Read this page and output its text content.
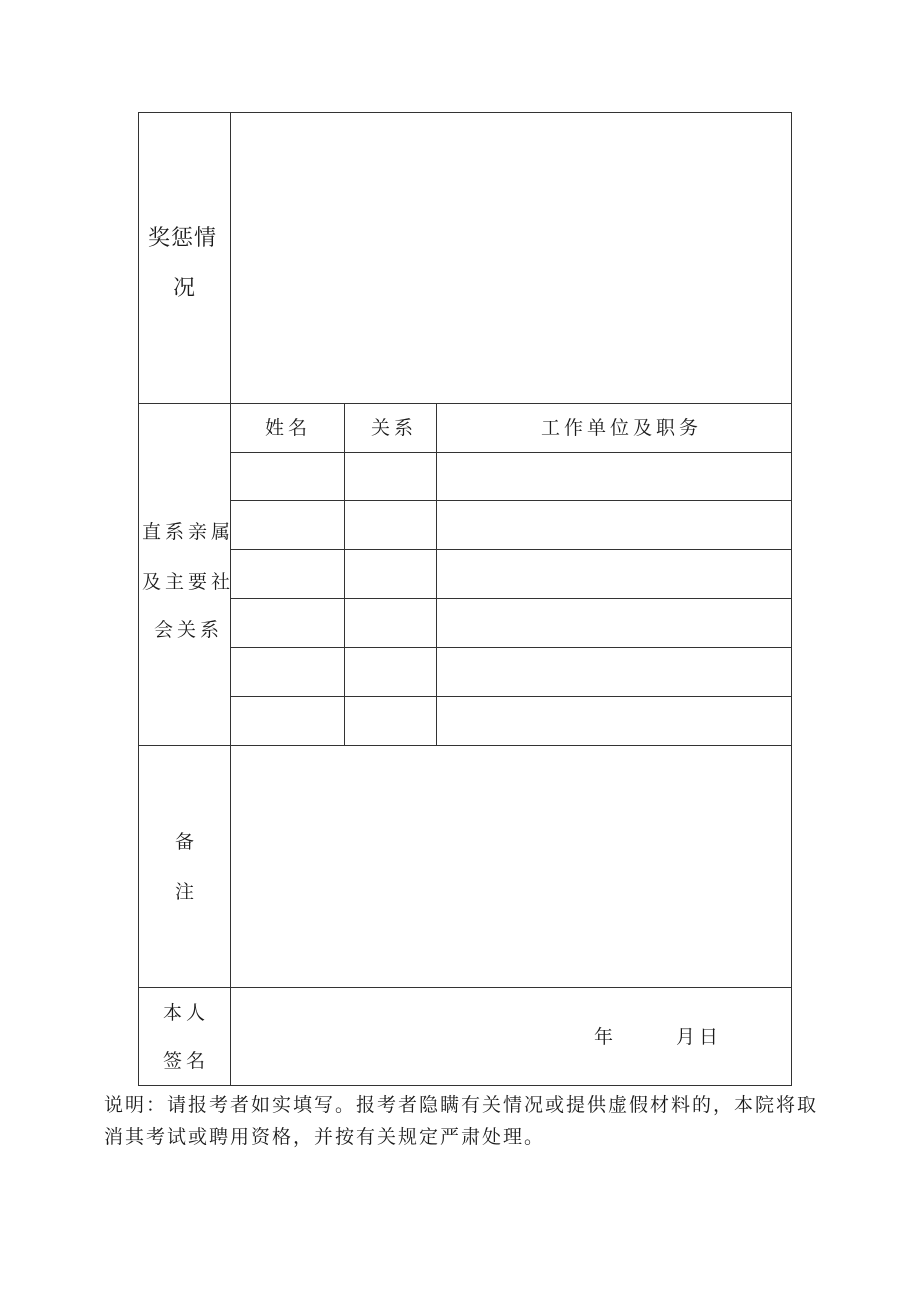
奖惩情
况
直系亲属
及主要社
会关系
姓名	关系	工作单位及职务
备
注
本人
签名
年	月日
说明：请报考者如实填写。报考者隐瞒有关情况或提供虚假材料的，本院将取
消其考试或聘用资格，并按有关规定严肃处理。
